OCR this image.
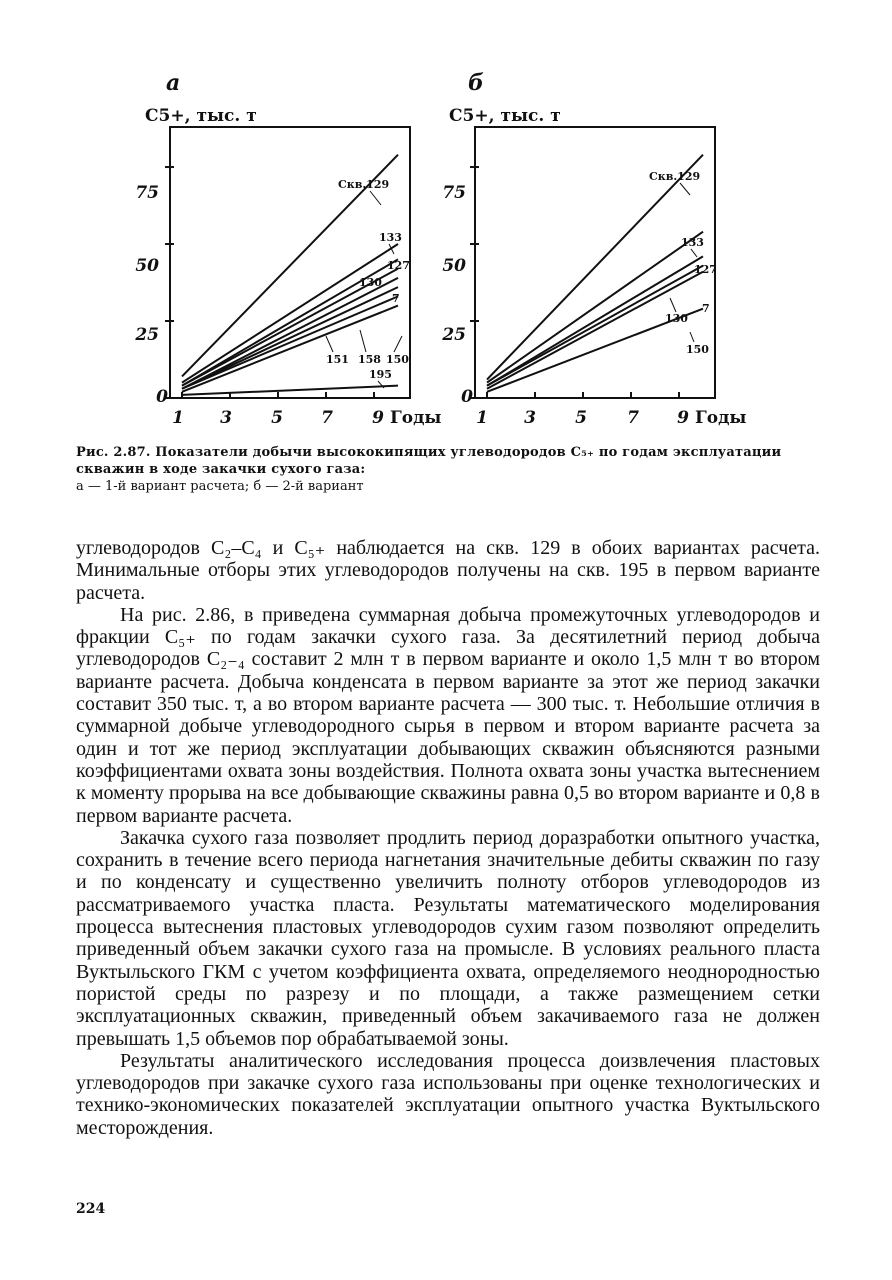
а
C5+, тыс. т
75
50
25
0
1 3 5 7 9 Годы
Скв.129
133
127
130
7
151 158 150
195
б
C5+, тыс. т
75
50
25
0
1 3 5 7 9 Годы
Скв.129
133
127
7
130
150
Рис. 2.87. Показатели добычи высококипящих углеводородов C₅₊ по годам эксплуатации скважин в ходе закачки сухого газа:
а — 1-й вариант расчета; б — 2-й вариант

углеводородов C₂–C₄ и C₅₊ наблюдается на скв. 129 в обоих вариантах расчета. Минимальные отборы этих углеводородов получены на скв. 195 в первом варианте расчета.

На рис. 2.86, в приведена суммарная добыча промежуточных углеводородов и фракции C₅₊ по годам закачки сухого газа. За десятилетний период добыча углеводородов C₂₋₄ составит 2 млн т в первом варианте и около 1,5 млн т во втором варианте расчета. Добыча конденсата в первом варианте за этот же период закачки составит 350 тыс. т, а во втором варианте расчета — 300 тыс. т. Небольшие отличия в суммарной добыче углеводородного сырья в первом и втором варианте расчета за один и тот же период эксплуатации добывающих скважин объясняются разными коэффициентами охвата зоны воздействия. Полнота охвата зоны участка вытеснением к моменту прорыва на все добывающие скважины равна 0,5 во втором варианте и 0,8 в первом варианте расчета.

Закачка сухого газа позволяет продлить период доразработки опытного участка, сохранить в течение всего периода нагнетания значительные дебиты скважин по газу и по конденсату и существенно увеличить полноту отборов углеводородов из рассматриваемого участка пласта. Результаты математического моделирования процесса вытеснения пластовых углеводородов сухим газом позволяют определить приведенный объем закачки сухого газа на промысле. В условиях реального пласта Вуктыльского ГКМ с учетом коэффициента охвата, определяемого неоднородностью пористой среды по разрезу и по площади, а также размещением сетки эксплуатационных скважин, приведенный объем закачиваемого газа не должен превышать 1,5 объемов пор обрабатываемой зоны.

Результаты аналитического исследования процесса доизвлечения пластовых углеводородов при закачке сухого газа использованы при оценке технологических и технико-экономических показателей эксплуатации опытного участка Вуктыльского месторождения.

224
